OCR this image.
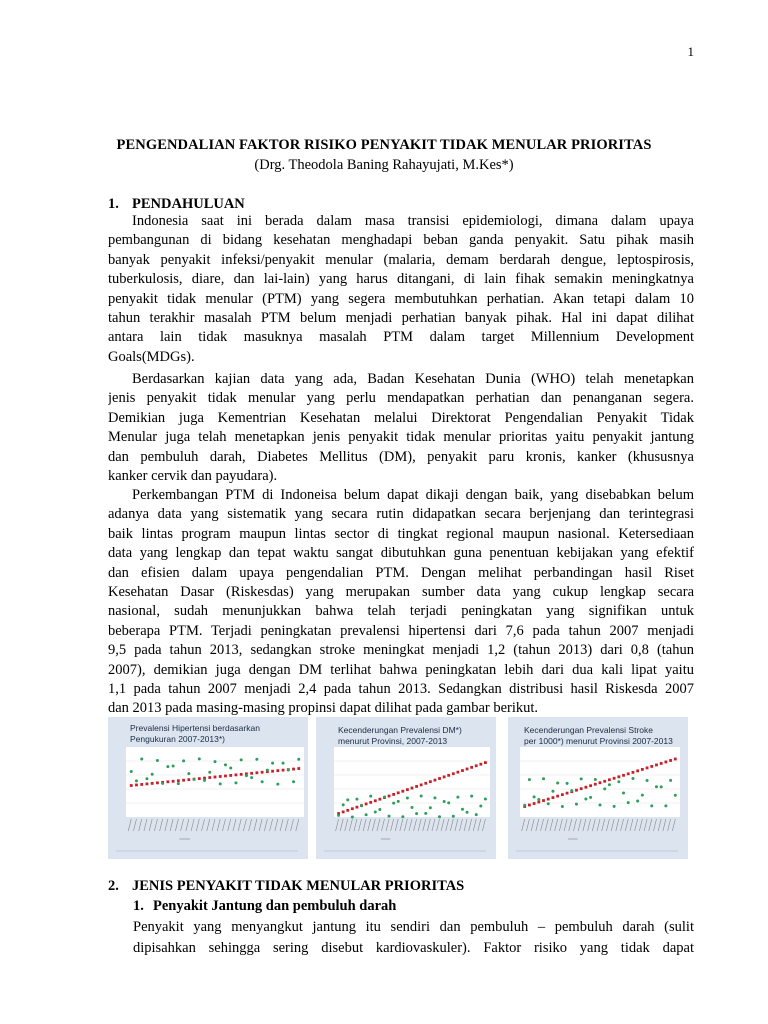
1
PENGENDALIAN FAKTOR RISIKO PENYAKIT TIDAK MENULAR PRIORITAS
(Drg. Theodola Baning Rahayujati, M.Kes*)
1. PENDAHULUAN
Indonesia saat ini berada dalam masa transisi epidemiologi, dimana dalam upaya
pembangunan di bidang kesehatan menghadapi beban ganda penyakit. Satu pihak masih
banyak penyakit infeksi/penyakit menular (malaria, demam berdarah dengue, leptospirosis,
tuberkulosis, diare, dan lai-lain) yang harus ditangani, di lain fihak semakin meningkatnya
penyakit tidak menular (PTM) yang segera membutuhkan perhatian. Akan tetapi dalam 10
tahun terakhir masalah PTM belum menjadi perhatian banyak pihak. Hal ini dapat dilihat
antara lain tidak masuknya masalah PTM dalam target Millennium Development
Goals(MDGs).
Berdasarkan kajian data yang ada, Badan Kesehatan Dunia (WHO) telah menetapkan
jenis penyakit tidak menular yang perlu mendapatkan perhatian dan penanganan segera.
Demikian juga Kementrian Kesehatan melalui Direktorat Pengendalian Penyakit Tidak
Menular juga telah menetapkan jenis penyakit tidak menular prioritas yaitu penyakit jantung
dan pembuluh darah, Diabetes Mellitus (DM), penyakit paru kronis, kanker (khususnya
kanker cervik dan payudara).
Perkembangan PTM di Indoneisa belum dapat dikaji dengan baik, yang disebabkan belum
adanya data yang sistematik yang secara rutin didapatkan secara berjenjang dan terintegrasi
baik lintas program maupun lintas sector di tingkat regional maupun nasional. Ketersediaan
data yang lengkap dan tepat waktu sangat dibutuhkan guna penentuan kebijakan yang efektif
dan efisien dalam upaya pengendalian PTM. Dengan melihat perbandingan hasil Riset
Kesehatan Dasar (Riskesdas) yang merupakan sumber data yang cukup lengkap secara
nasional, sudah menunjukkan bahwa telah terjadi peningkatan yang signifikan untuk
beberapa PTM. Terjadi peningkatan prevalensi hipertensi dari 7,6 pada tahun 2007 menjadi
9,5 pada tahun 2013, sedangkan stroke meningkat menjadi 1,2 (tahun 2013) dari 0,8 (tahun
2007), demikian juga dengan DM terlihat bahwa peningkatan lebih dari dua kali lipat yaitu
1,1 pada tahun 2007 menjadi 2,4 pada tahun 2013. Sedangkan distribusi hasil Riskesda 2007
dan 2013 pada masing-masing propinsi dapat dilihat pada gambar berikut.
Prevalensi Hipertensi berdasarkan
Pengukuran 2007-2013*)
Kecenderungan Prevalensi DM*)
menurut Provinsi, 2007-2013
Kecenderungan Prevalensi Stroke
per 1000*) menurut Provinsi 2007-2013
2. JENIS PENYAKIT TIDAK MENULAR PRIORITAS
1. Penyakit Jantung dan pembuluh darah
Penyakit yang menyangkut jantung itu sendiri dan pembuluh – pembuluh darah (sulit
dipisahkan sehingga sering disebut kardiovaskuler). Faktor risiko yang tidak dapat
